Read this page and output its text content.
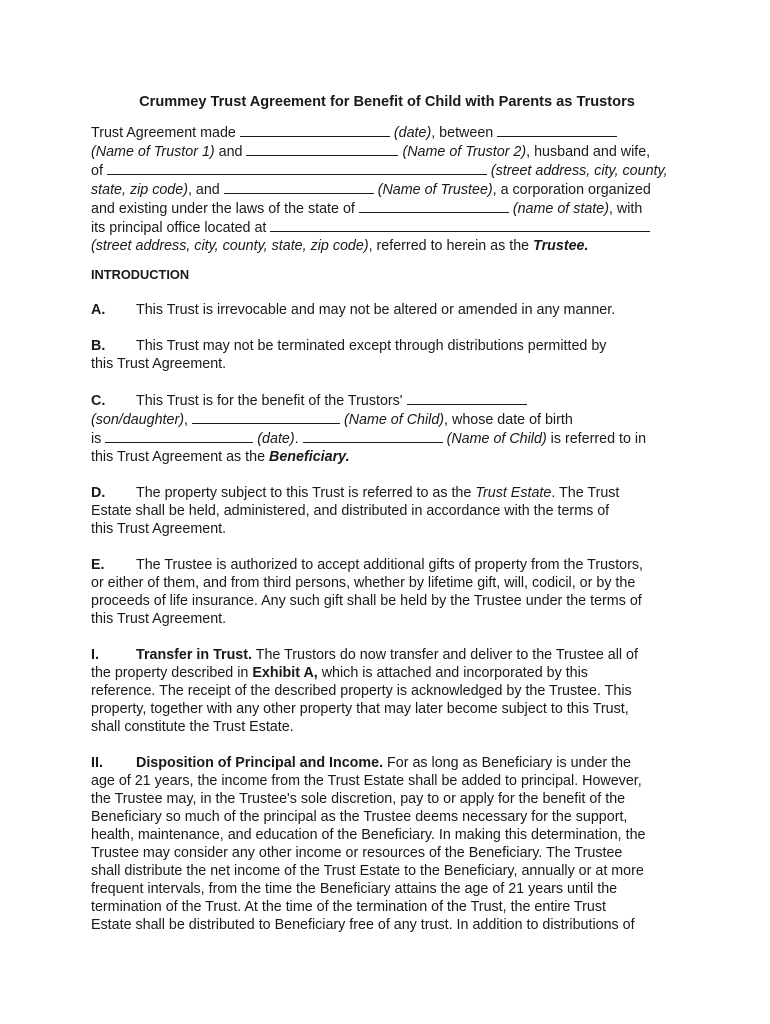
Crummey Trust Agreement for Benefit of Child with Parents as Trustors
Trust Agreement made	(date), between
(Name of Trustor 1) and	(Name of Trustor 2), husband and wife,
of	(street address, city, county,
state, zip code), and	(Name of Trustee), a corporation organized
and existing under the laws of the state of	(name of state), with
its principal office located at
(street address, city, county, state, zip code), referred to herein as the Trustee.
INTRODUCTION
A. This Trust is irrevocable and may not be altered or amended in any manner.
B. This Trust may not be terminated except through distributions permitted by
this Trust Agreement.
C. This Trust is for the benefit of the Trustors'
(son/daughter),	(Name of Child), whose date of birth
is	(date).	(Name of Child) is referred to in
this Trust Agreement as the Beneficiary.
D. The property subject to this Trust is referred to as the Trust Estate. The Trust
Estate shall be held, administered, and distributed in accordance with the terms of
this Trust Agreement.
E. The Trustee is authorized to accept additional gifts of property from the Trustors,
or either of them, and from third persons, whether by lifetime gift, will, codicil, or by the
proceeds of life insurance. Any such gift shall be held by the Trustee under the terms of
this Trust Agreement.
I.	Transfer in Trust. The Trustors do now transfer and deliver to the Trustee all of
the property described in Exhibit A, which is attached and incorporated by this
reference. The receipt of the described property is acknowledged by the Trustee. This
property, together with any other property that may later become subject to this Trust,
shall constitute the Trust Estate.
II. Disposition of Principal and Income. For as long as Beneficiary is under the
age of 21 years, the income from the Trust Estate shall be added to principal. However,
the Trustee may, in the Trustee's sole discretion, pay to or apply for the benefit of the
Beneficiary so much of the principal as the Trustee deems necessary for the support,
health, maintenance, and education of the Beneficiary. In making this determination, the
Trustee may consider any other income or resources of the Beneficiary. The Trustee
shall distribute the net income of the Trust Estate to the Beneficiary, annually or at more
frequent intervals, from the time the Beneficiary attains the age of 21 years until the
termination of the Trust. At the time of the termination of the Trust, the entire Trust
Estate shall be distributed to Beneficiary free of any trust. In addition to distributions of
